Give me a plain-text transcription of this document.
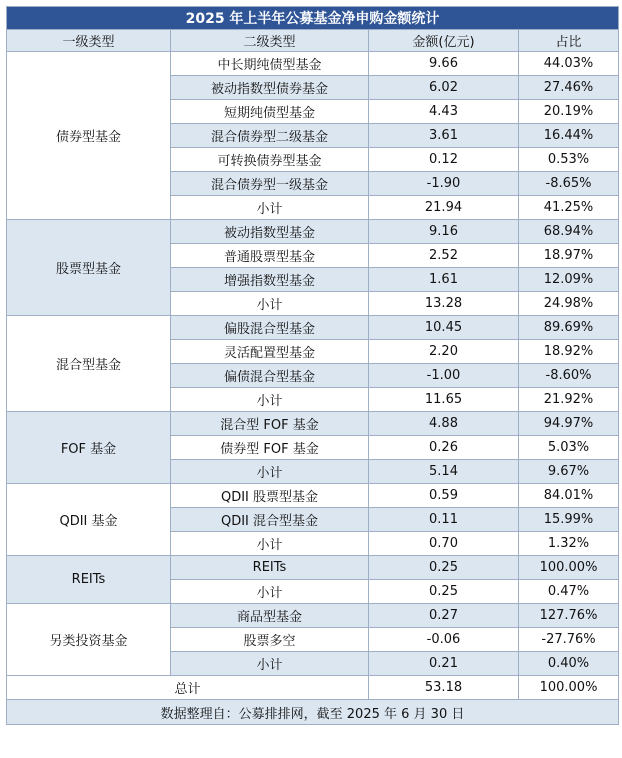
2025 年上半年公募基金净申购金额统计			
一级类型	二级类型	金额(亿元)	占比
债券型基金	中长期纯债型基金	9.66	44.03%
	被动指数型债券基金	6.02	27.46%
	短期纯债型基金	4.43	20.19%
	混合债券型二级基金	3.61	16.44%
	可转换债券型基金	0.12	0.53%
	混合债券型一级基金	-1.90	-8.65%
	小计	21.94	41.25%
股票型基金	被动指数型基金	9.16	68.94%
	普通股票型基金	2.52	18.97%
	增强指数型基金	1.61	12.09%
	小计	13.28	24.98%
混合型基金	偏股混合型基金	10.45	89.69%
	灵活配置型基金	2.20	18.92%
	偏债混合型基金	-1.00	-8.60%
	小计	11.65	21.92%
FOF 基金	混合型 FOF 基金	4.88	94.97%
	债券型 FOF 基金	0.26	5.03%
	小计	5.14	9.67%
QDII 基金	QDII 股票型基金	0.59	84.01%
	QDII 混合型基金	0.11	15.99%
	小计	0.70	1.32%
REITs	REITs	0.25	100.00%
	小计	0.25	0.47%
另类投资基金	商品型基金	0.27	127.76%
	股票多空	-0.06	-27.76%
	小计	0.21	0.40%
总计		53.18	100.00%
数据整理自：公募排排网，截至 2025 年 6 月 30 日			
